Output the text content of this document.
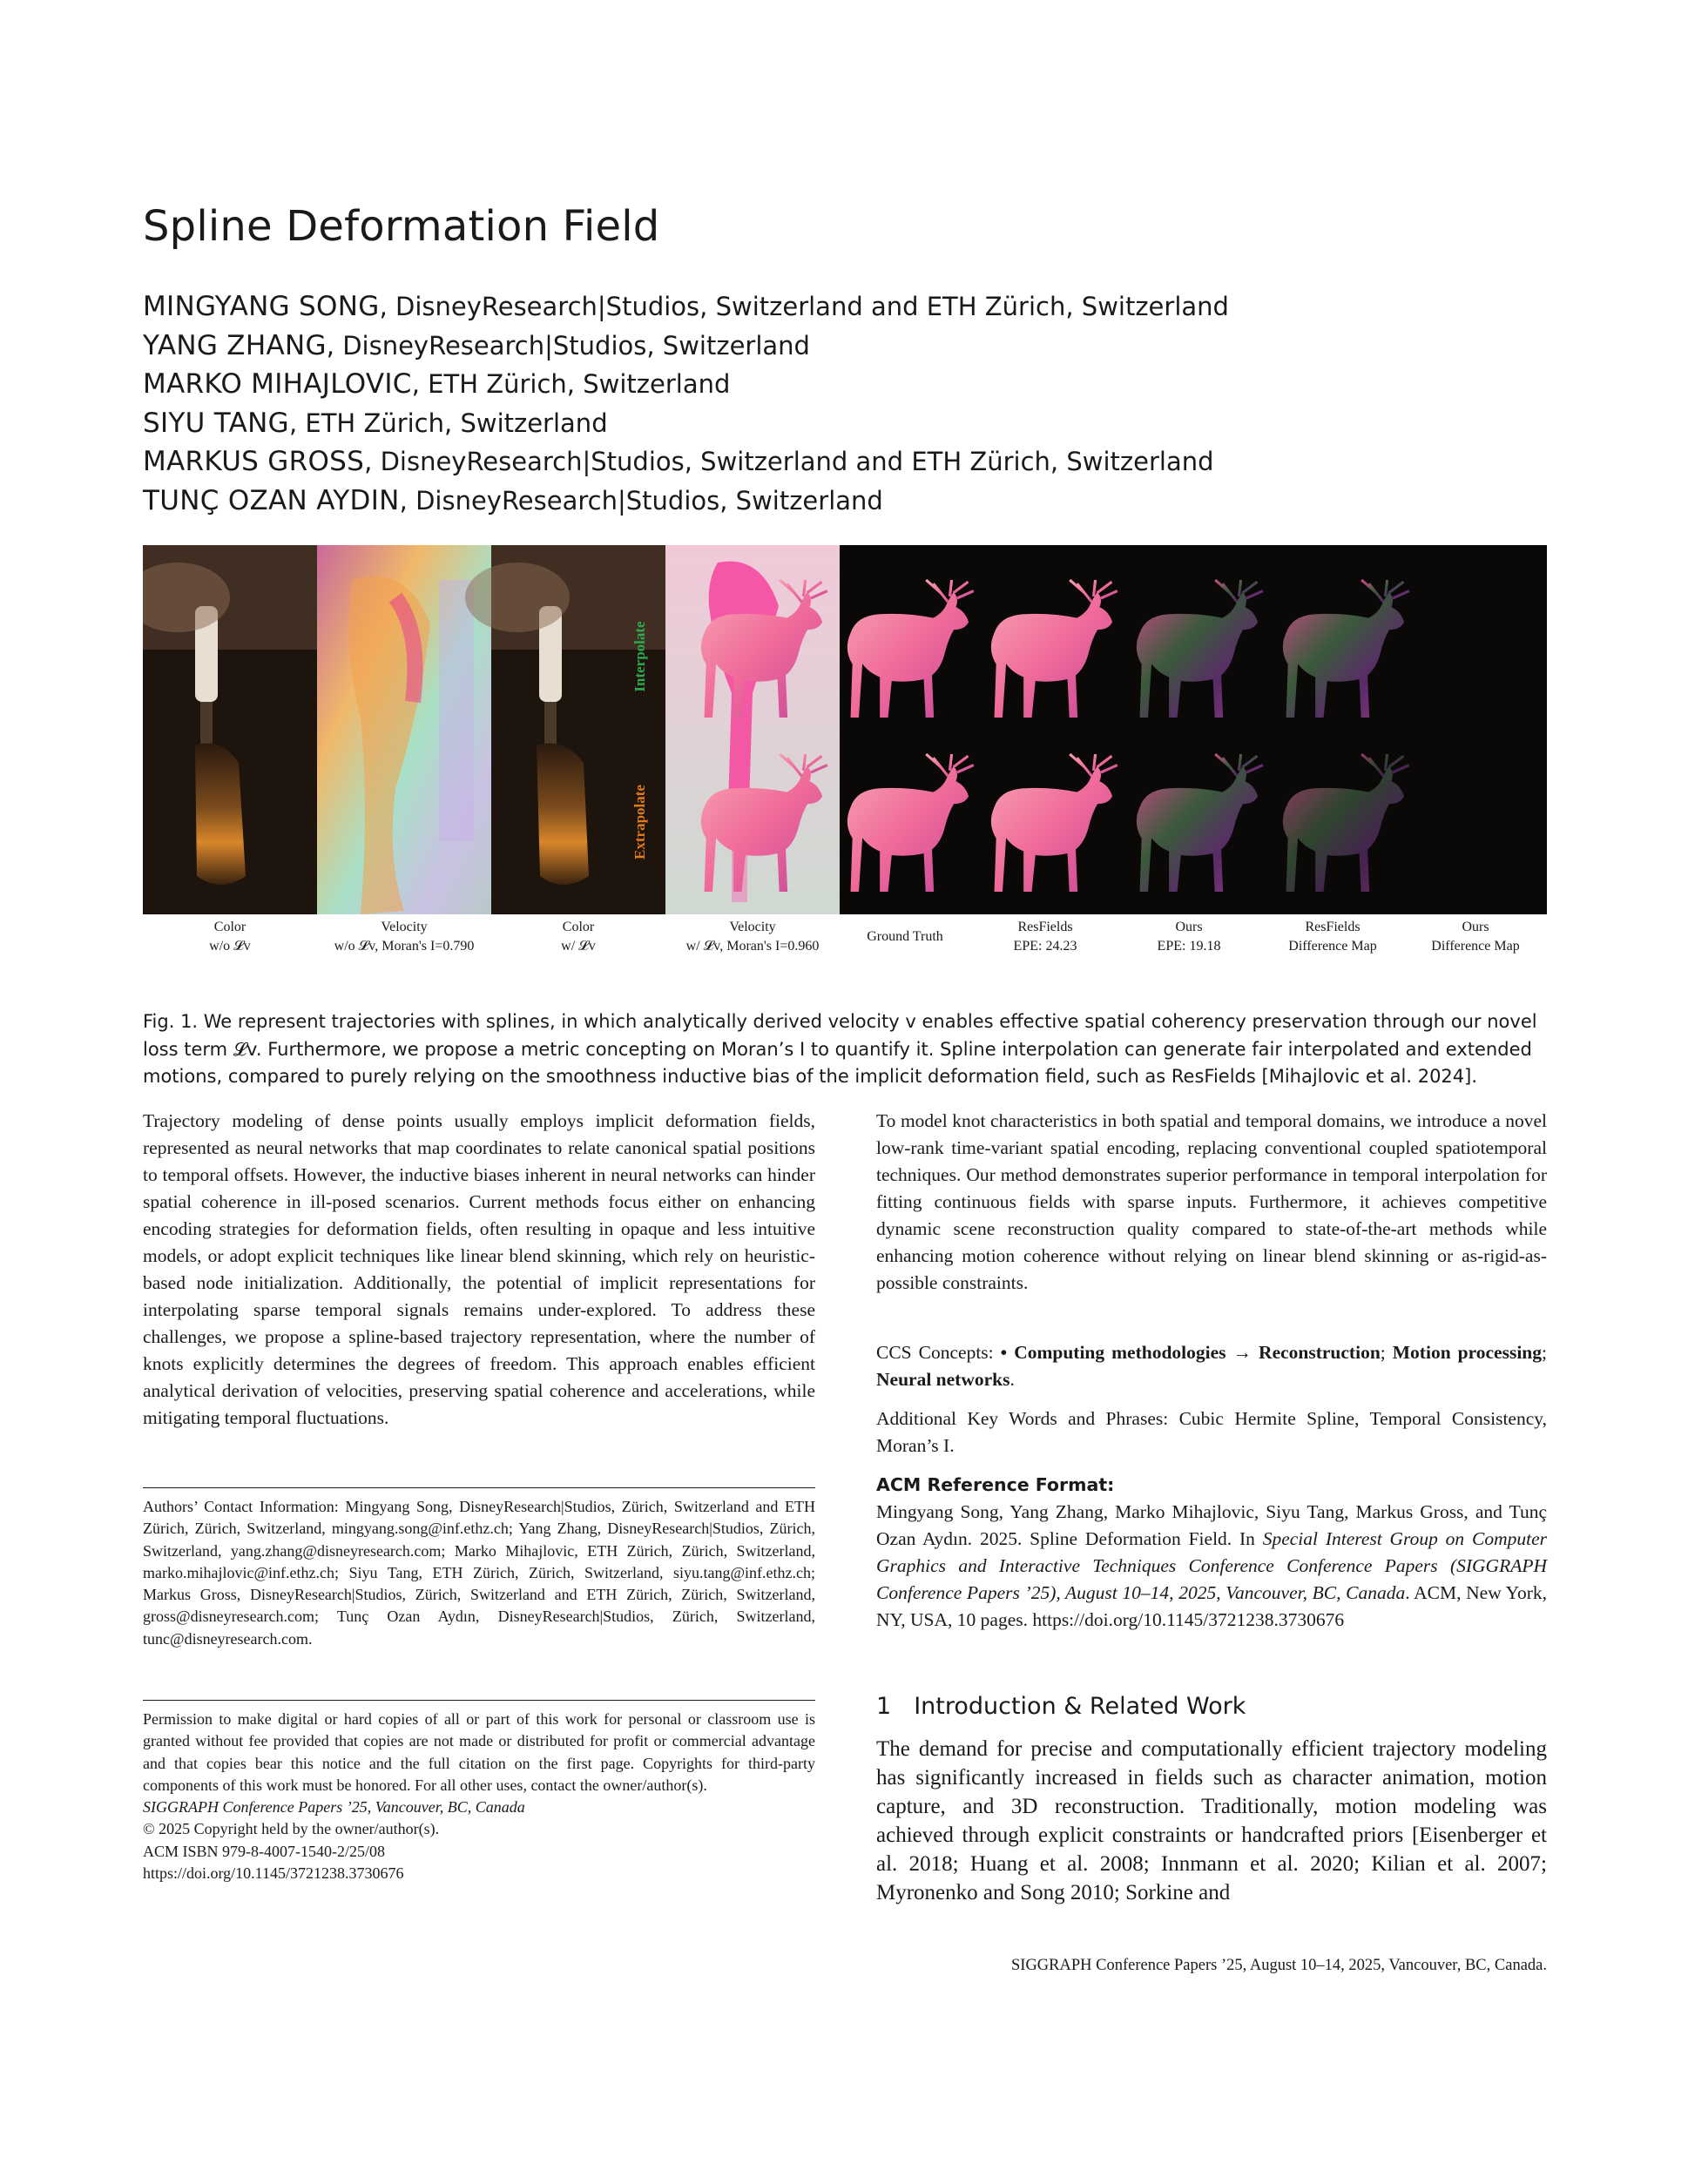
Spline Deformation Field
MINGYANG SONG, DisneyResearch|Studios, Switzerland and ETH Zürich, Switzerland
YANG ZHANG, DisneyResearch|Studios, Switzerland
MARKO MIHAJLOVIC, ETH Zürich, Switzerland
SIYU TANG, ETH Zürich, Switzerland
MARKUS GROSS, DisneyResearch|Studios, Switzerland and ETH Zürich, Switzerland
TUNÇ OZAN AYDIN, DisneyResearch|Studios, Switzerland
Interpolate
Extrapolate
Color
w/o 𝓛v
Velocity
w/o 𝓛v, Moran's I=0.790
Color
w/ 𝓛v
Velocity
w/ 𝓛v, Moran's I=0.960
Ground Truth
ResFields
EPE: 24.23
Ours
EPE: 19.18
ResFields
Difference Map
Ours
Difference Map
Fig. 1. We represent trajectories with splines, in which analytically derived velocity v enables effective spatial coherency preservation through our novel loss term 𝓛v. Furthermore, we propose a metric concepting on Moran’s I to quantify it. Spline interpolation can generate fair interpolated and extended motions, compared to purely relying on the smoothness inductive bias of the implicit deformation field, such as ResFields [Mihajlovic et al. 2024].
Trajectory modeling of dense points usually employs implicit deformation fields, represented as neural networks that map coordinates to relate canonical spatial positions to temporal offsets. However, the inductive biases inherent in neural networks can hinder spatial coherence in ill-posed scenarios. Current methods focus either on enhancing encoding strategies for deformation fields, often resulting in opaque and less intuitive models, or adopt explicit techniques like linear blend skinning, which rely on heuristic-based node initialization. Additionally, the potential of implicit representations for interpolating sparse temporal signals remains under-explored. To address these challenges, we propose a spline-based trajectory representation, where the number of knots explicitly determines the degrees of freedom. This approach enables efficient analytical derivation of velocities, preserving spatial coherence and accelerations, while mitigating temporal fluctuations.
Authors’ Contact Information: Mingyang Song, DisneyResearch|Studios, Zürich, Switzerland and ETH Zürich, Zürich, Switzerland, mingyang.song@inf.ethz.ch; Yang Zhang, DisneyResearch|Studios, Zürich, Switzerland, yang.zhang@disneyresearch.com; Marko Mihajlovic, ETH Zürich, Zürich, Switzerland, marko.mihajlovic@inf.ethz.ch; Siyu Tang, ETH Zürich, Zürich, Switzerland, siyu.tang@inf.ethz.ch; Markus Gross, DisneyResearch|Studios, Zürich, Switzerland and ETH Zürich, Zürich, Switzerland, gross@disneyresearch.com; Tunç Ozan Aydın, DisneyResearch|Studios, Zürich, Switzerland, tunc@disneyresearch.com.
Permission to make digital or hard copies of all or part of this work for personal or classroom use is granted without fee provided that copies are not made or distributed for profit or commercial advantage and that copies bear this notice and the full citation on the first page. Copyrights for third-party components of this work must be honored. For all other uses, contact the owner/author(s).
SIGGRAPH Conference Papers ’25, Vancouver, BC, Canada
© 2025 Copyright held by the owner/author(s).
ACM ISBN 979-8-4007-1540-2/25/08
https://doi.org/10.1145/3721238.3730676
To model knot characteristics in both spatial and temporal domains, we introduce a novel low-rank time-variant spatial encoding, replacing conventional coupled spatiotemporal techniques. Our method demonstrates superior performance in temporal interpolation for fitting continuous fields with sparse inputs. Furthermore, it achieves competitive dynamic scene reconstruction quality compared to state-of-the-art methods while enhancing motion coherence without relying on linear blend skinning or as-rigid-as-possible constraints.
CCS Concepts: • Computing methodologies → Reconstruction; Motion processing; Neural networks.
Additional Key Words and Phrases: Cubic Hermite Spline, Temporal Consistency, Moran’s I.
ACM Reference Format:
Mingyang Song, Yang Zhang, Marko Mihajlovic, Siyu Tang, Markus Gross, and Tunç Ozan Aydın. 2025. Spline Deformation Field. In Special Interest Group on Computer Graphics and Interactive Techniques Conference Conference Papers (SIGGRAPH Conference Papers ’25), August 10–14, 2025, Vancouver, BC, Canada. ACM, New York, NY, USA, 10 pages. https://doi.org/10.1145/3721238.3730676
1 Introduction & Related Work
The demand for precise and computationally efficient trajectory modeling has significantly increased in fields such as character animation, motion capture, and 3D reconstruction. Traditionally, motion modeling was achieved through explicit constraints or handcrafted priors [Eisenberger et al. 2018; Huang et al. 2008; Innmann et al. 2020; Kilian et al. 2007; Myronenko and Song 2010; Sorkine and
SIGGRAPH Conference Papers ’25, August 10–14, 2025, Vancouver, BC, Canada.
